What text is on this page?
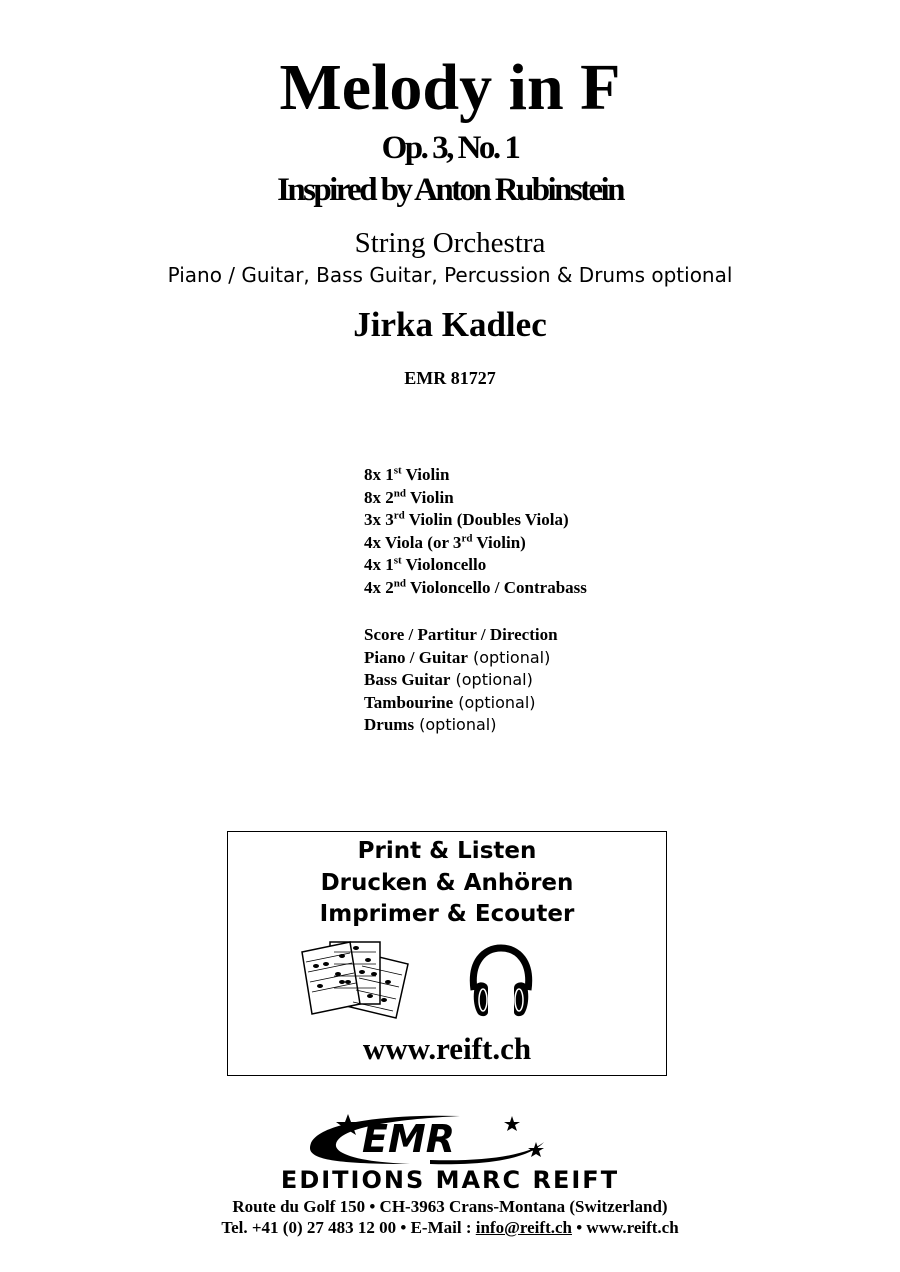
Melody in F
Op. 3, No. 1
Inspired by Anton Rubinstein
String Orchestra
Piano / Guitar, Bass Guitar, Percussion & Drums optional
Jirka Kadlec
EMR 81727
8x 1st Violin
8x 2nd Violin
3x 3rd Violin (Doubles Viola)
4x Viola (or 3rd Violin)
4x 1st Violoncello
4x 2nd Violoncello / Contrabass
Score / Partitur / Direction
Piano / Guitar (optional)
Bass Guitar (optional)
Tambourine (optional)
Drums (optional)
Print & Listen
Drucken & Anhören
Imprimer & Ecouter
www.reift.ch
EMR
EDITIONS MARC REIFT
Route du Golf 150 • CH-3963 Crans-Montana (Switzerland)
Tel. +41 (0) 27 483 12 00 • E-Mail : info@reift.ch • www.reift.ch
